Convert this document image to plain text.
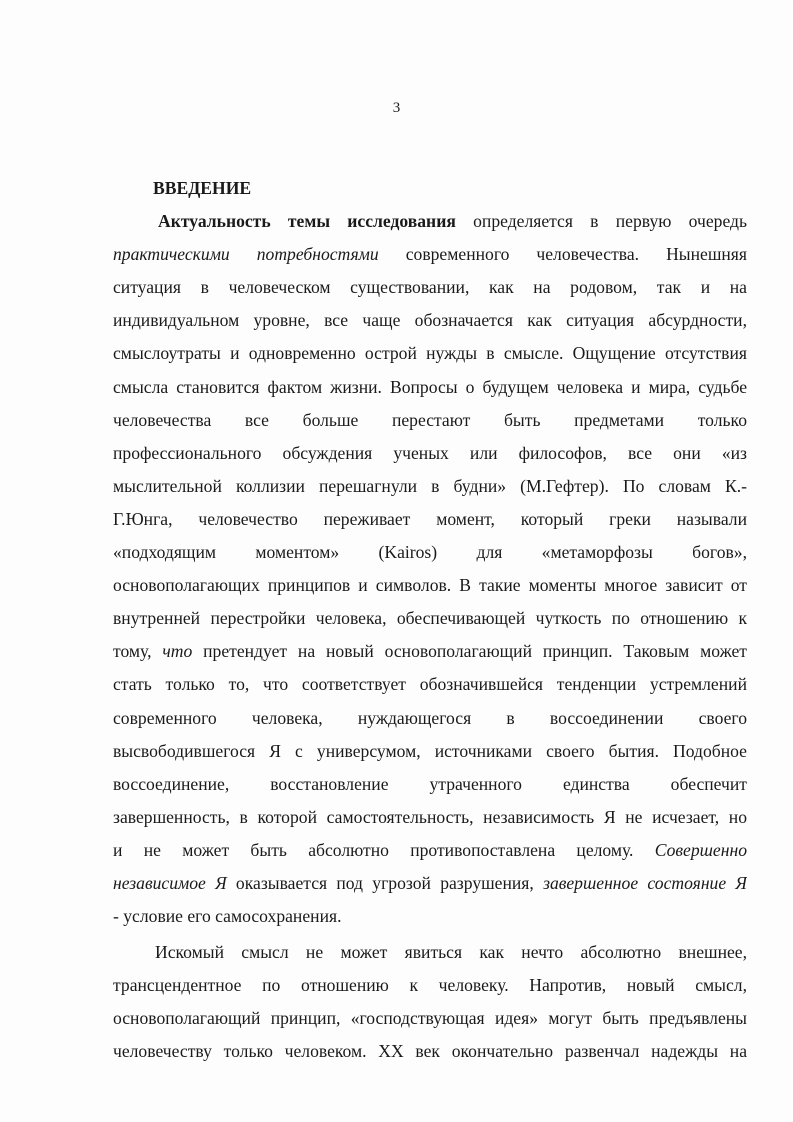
3
ВВЕДЕНИЕ
Актуальность темы исследования определяется в первую очередь
практическими потребностями современного человечества. Нынешняя
ситуация в человеческом существовании, как на родовом, так и на
индивидуальном уровне, все чаще обозначается как ситуация абсурдности,
смыслоутраты и одновременно острой нужды в смысле. Ощущение отсутствия
смысла становится фактом жизни. Вопросы о будущем человека и мира, судьбе
человечества все больше перестают быть предметами только
профессионального обсуждения ученых или философов, все они «из
мыслительной коллизии перешагнули в будни» (М.Гефтер). По словам К.-
Г.Юнга, человечество переживает момент, который греки называли
«подходящим моментом» (Kairos) для «метаморфозы богов»,
основополагающих принципов и символов. В такие моменты многое зависит от
внутренней перестройки человека, обеспечивающей чуткость по отношению к
тому, что претендует на новый основополагающий принцип. Таковым может
стать только то, что соответствует обозначившейся тенденции устремлений
современного человека, нуждающегося в воссоединении своего
высвободившегося Я с универсумом, источниками своего бытия. Подобное
воссоединение, восстановление утраченного единства обеспечит
завершенность, в которой самостоятельность, независимость Я не исчезает, но
и не может быть абсолютно противопоставлена целому. Совершенно
независимое Я оказывается под угрозой разрушения, завершенное состояние Я
- условие его самосохранения.
Искомый смысл не может явиться как нечто абсолютно внешнее,
трансцендентное по отношению к человеку. Напротив, новый смысл,
основополагающий принцип, «господствующая идея» могут быть предъявлены
человечеству только человеком. XX век окончательно развенчал надежды на
